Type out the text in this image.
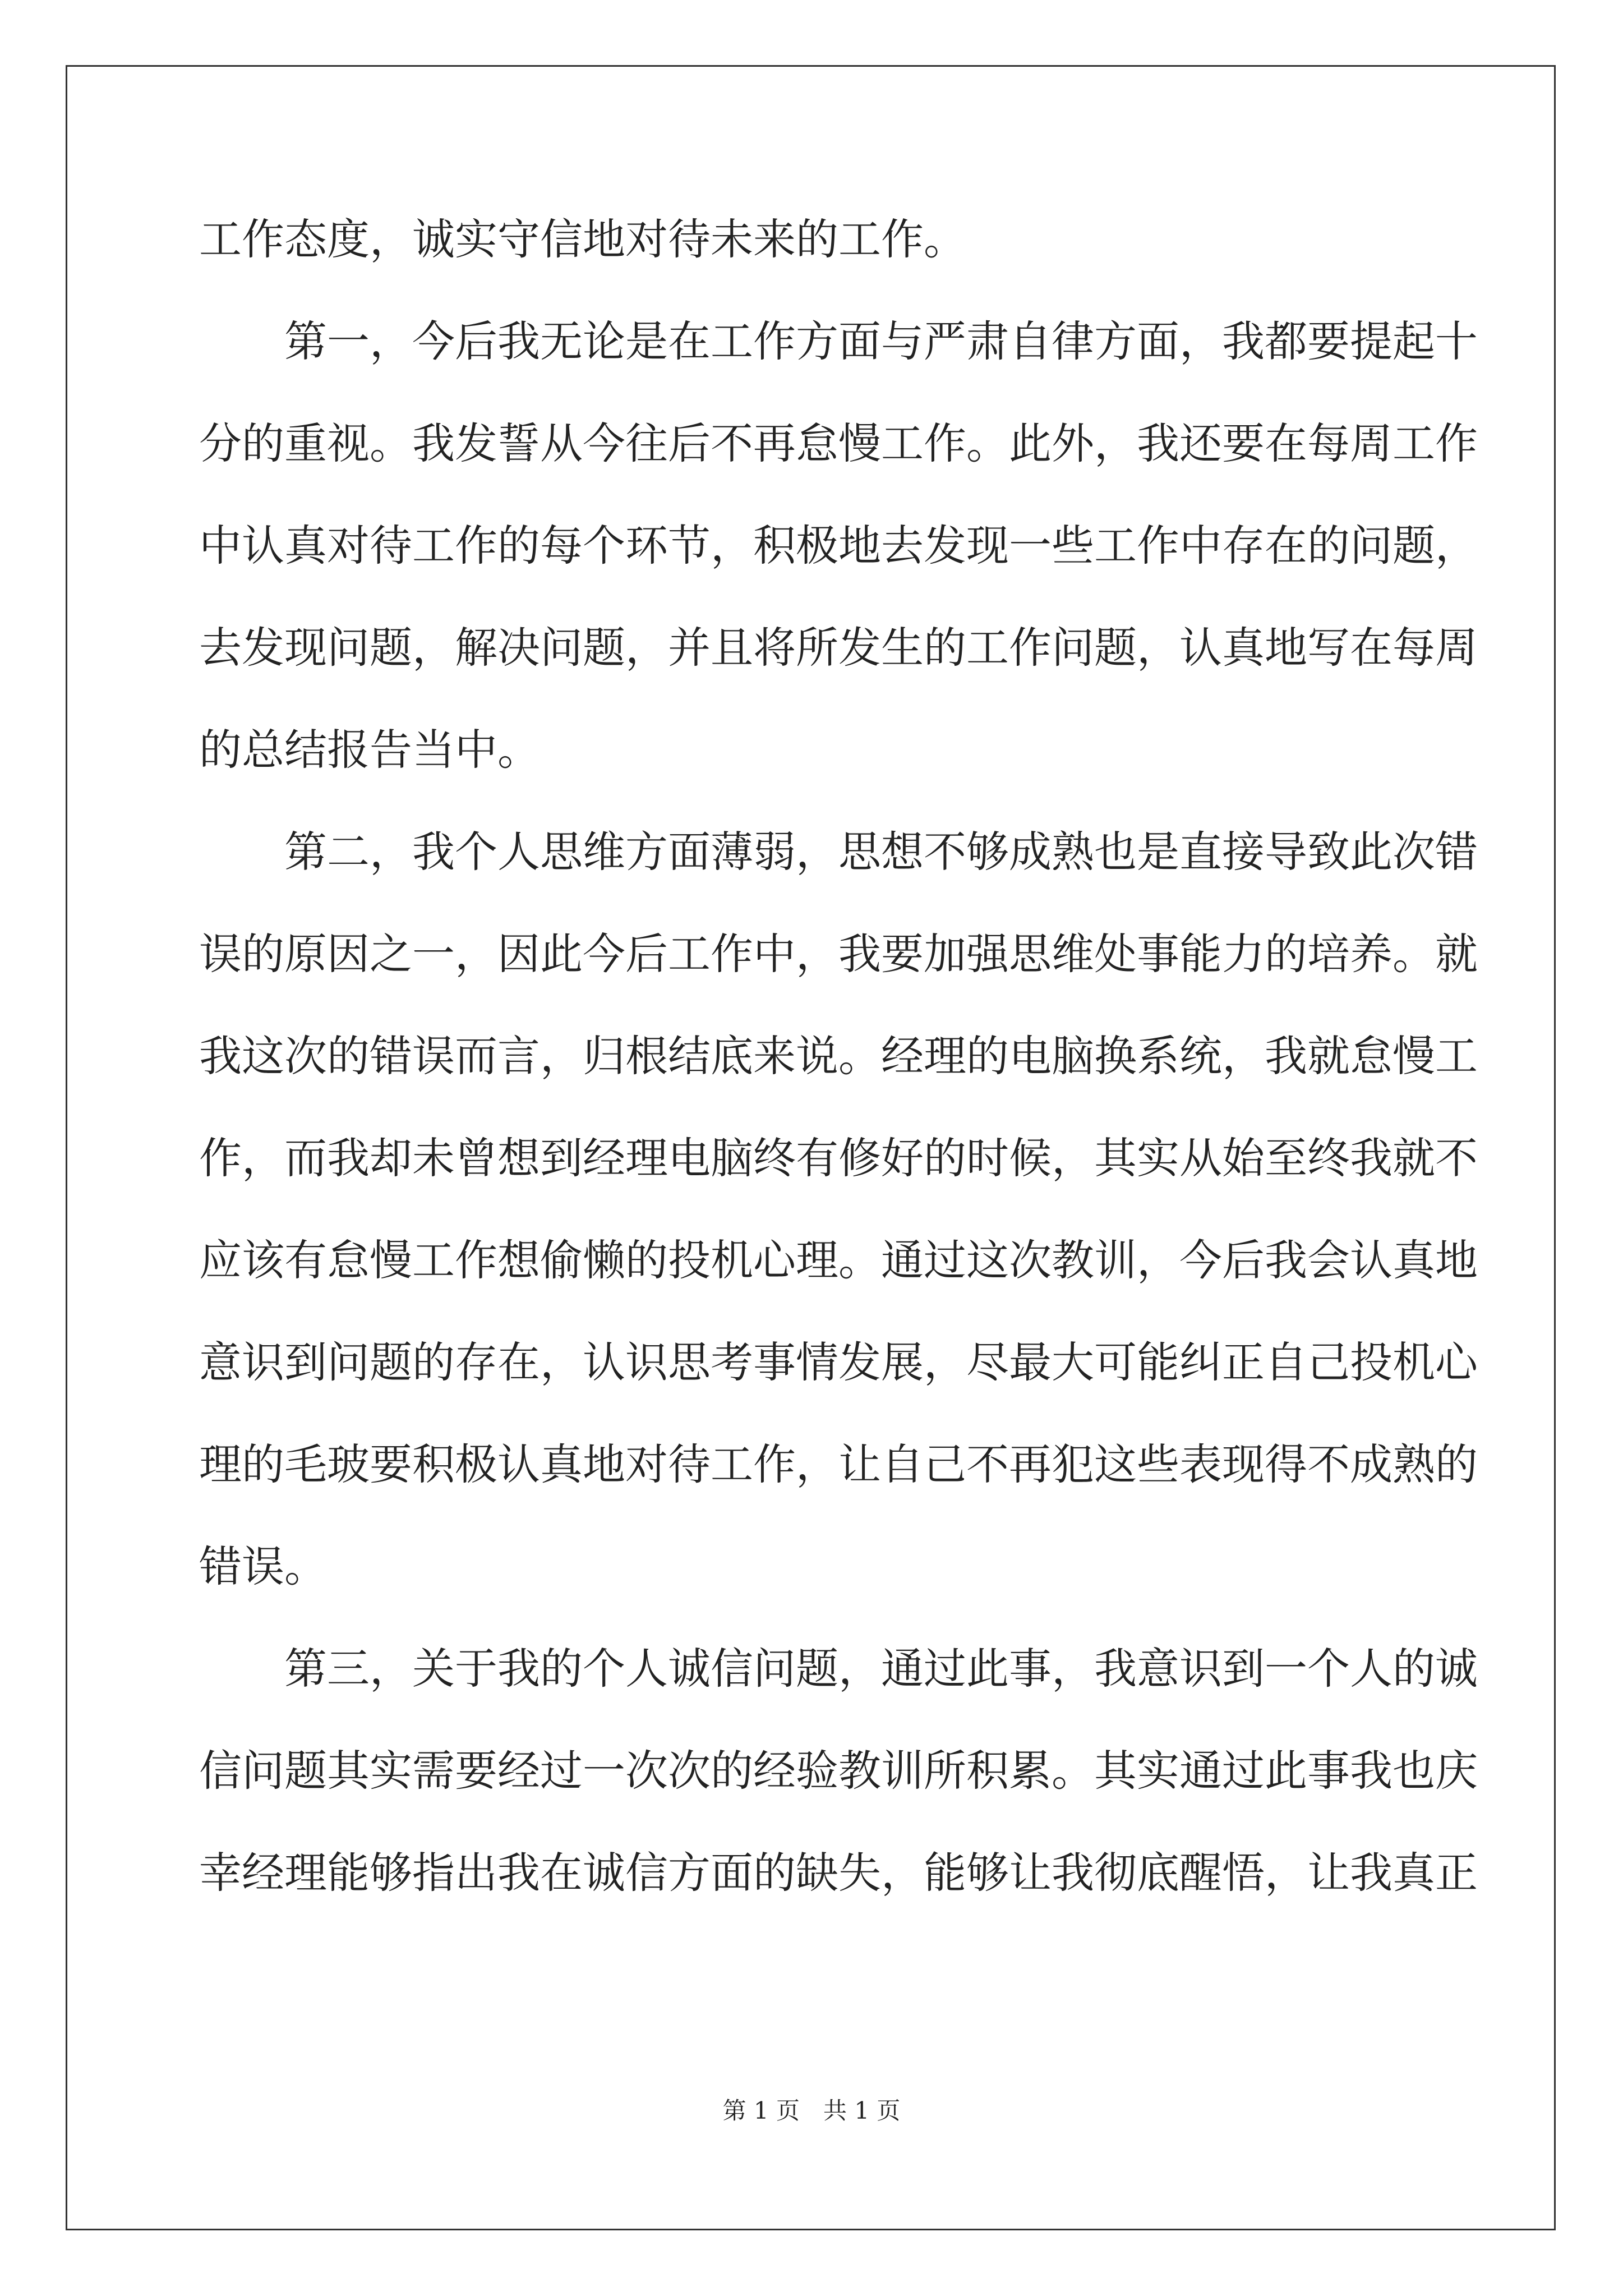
工作态度，诚实守信地对待未来的工作。
第一，今后我无论是在工作方面与严肃自律方面，我都要提起十
分的重视。我发誓从今往后不再怠慢工作。此外，我还要在每周工作
中认真对待工作的每个环节，积极地去发现一些工作中存在的问题，
去发现问题，解决问题，并且将所发生的工作问题，认真地写在每周
的总结报告当中。
第二，我个人思维方面薄弱，思想不够成熟也是直接导致此次错
误的原因之一，因此今后工作中，我要加强思维处事能力的培养。就
我这次的错误而言，归根结底来说。经理的电脑换系统，我就怠慢工
作，而我却未曾想到经理电脑终有修好的时候，其实从始至终我就不
应该有怠慢工作想偷懒的投机心理。通过这次教训，今后我会认真地
意识到问题的存在，认识思考事情发展，尽最大可能纠正自己投机心
理的毛玻要积极认真地对待工作，让自己不再犯这些表现得不成熟的
错误。
第三，关于我的个人诚信问题，通过此事，我意识到一个人的诚
信问题其实需要经过一次次的经验教训所积累。其实通过此事我也庆
幸经理能够指出我在诚信方面的缺失，能够让我彻底醒悟，让我真正
第 1 页　共 1 页
